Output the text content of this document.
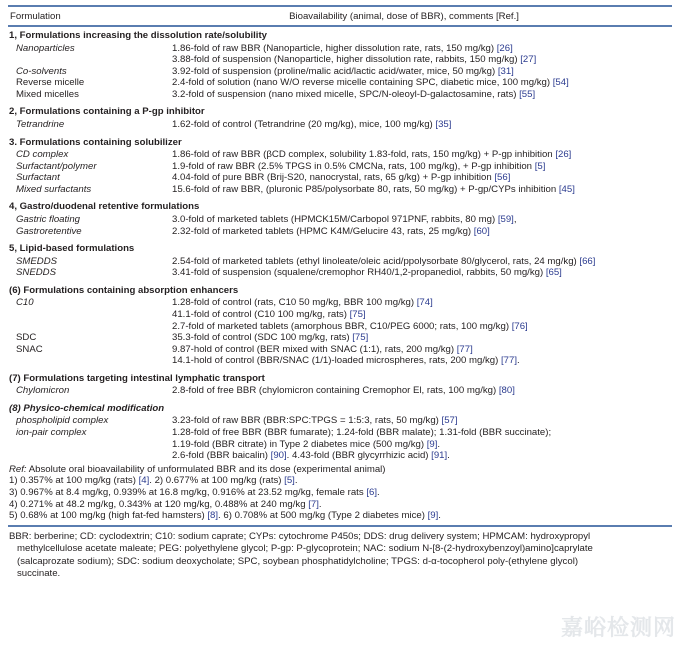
Formulation	Bioavailability (animal, dose of BBR), comments [Ref.]
1, Formulations increasing the dissolution rate/solubility
Nanoparticles	1.86-fold of raw BBR (Nanoparticle, higher dissolution rate, rats, 150 mg/kg) [26]
3.88-fold of suspension (Nanoparticle, higher dissolution rate, rabbits, 150 mg/kg) [27]
Co-solvents	3.92-fold of suspension (proline/malic acid/lactic acid/water, mice, 50 mg/kg) [31]
Reverse micelle	2.4-fold of solution (nano W/O reverse micelle containing SPC, diabetic mice, 100 mg/kg) [54]
Mixed micelles	3.2-fold of suspension (nano mixed micelle, SPC/N-oleoyl-D-galactosamine, rats) [55]
2, Formulations containing a P-gp inhibitor
Tetrandrine	1.62-fold of control (Tetrandrine (20 mg/kg), mice, 100 mg/kg) [35]
3. Formulations containing solubilizer
CD complex	1.86-fold of raw BBR (βCD complex, solubility 1.83-fold, rats, 150 mg/kg) + P-gp inhibition [26]
Surfactant/polymer	1.9-fold of raw BBR (2.5% TPGS in 0.5% CMCNa, rats, 100 mg/kg), + P-gp inhibition [5]
Surfactant	4.04-fold of pure BBR (Brij-S20, nanocrystal, rats, 65 g/kg) + P-gp inhibition [56]
Mixed surfactants	15.6-fold of raw BBR, (pluronic P85/polysorbate 80, rats, 50 mg/kg) + P-gp/CYPs inhibition [45]
4, Gastro/duodenal retentive formulations
Gastric floating	3.0-fold of marketed tablets (HPMCK15M/Carbopol 971PNF, rabbits, 80 mg) [59],
Gastroretentive	2.32-fold of marketed tablets (HPMC K4M/Gelucire 43, rats, 25 mg/kg) [60]
5, Lipid-based formulations
SMEDDS	2.54-fold of marketed tablets (ethyl linoleate/oleic acid/ppolysorbate 80/glycerol, rats, 24 mg/kg) [66]
SNEDDS	3.41-fold of suspension (squalene/cremophor RH40/1,2-propanediol, rabbits, 50 mg/kg) [65]
(6) Formulations containing absorption enhancers
C10	1.28-fold of control (rats, C10 50 mg/kg, BBR 100 mg/kg) [74]
41.1-fold of control (C10 100 mg/kg, rats) [75]
2.7-fold of marketed tablets (amorphous BBR, C10/PEG 6000; rats, 100 mg/kg) [76]
SDC	35.3-fold of control (SDC 100 mg/kg, rats) [75]
SNAC	9.87-hold of control (BER mixed with SNAC (1:1), rats, 200 mg/kg) [77]
14.1-hold of control (BBR/SNAC (1/1)-loaded microspheres, rats, 200 mg/kg) [77].
(7) Formulations targeting intestinal lymphatic transport
Chylomicron	2.8-fold of free BBR (chylomicron containing Cremophor El, rats, 100 mg/kg) [80]
(8) Physico-chemical modification
phospholipid complex	3.23-fold of raw BBR (BBR:SPC:TPGS = 1:5:3, rats, 50 mg/kg) [57]
ion-pair complex	1.28-fold of free BBR (BBR fumarate); 1.24-fold (BBR malate); 1.31-fold (BBR succinate);
1.19-fold (BBR citrate) in Type 2 diabetes mice (500 mg/kg) [9].
2.6-fold (BBR baicalin) [90]. 4.43-fold (BBR glycyrrhizic acid) [91].
Ref: Absolute oral bioavailability of unformulated BBR and its dose (experimental animal)
1) 0.357% at 100 mg/kg (rats) [4]. 2) 0.677% at 100 mg/kg (rats) [5].
3) 0.967% at 8.4 mg/kg, 0.939% at 16.8 mg/kg, 0.916% at 23.52 mg/kg, female rats [6].
4) 0.271% at 48.2 mg/kg, 0.343% at 120 mg/kg, 0.488% at 240 mg/kg [7].
5) 0.68% at 100 mg/kg (high fat-fed hamsters) [8]. 6) 0.708% at 500 mg/kg (Type 2 diabetes mice) [9].
BBR: berberine; CD: cyclodextrin; C10: sodium caprate; CYPs: cytochrome P450s; DDS: drug delivery system; HPMCAM: hydroxypropyl
methylcellulose acetate maleate; PEG: polyethylene glycol; P-gp: P-glycoprotein; NAC: sodium N-[8-(2-hydroxybenzoyl)amino]caprylate
(salcaprozate sodium); SDC: sodium deoxycholate; SPC, soybean phosphatidylcholine; TPGS: d-α-tocopherol poly-(ethylene glycol)
succinate.
嘉峪检测网
